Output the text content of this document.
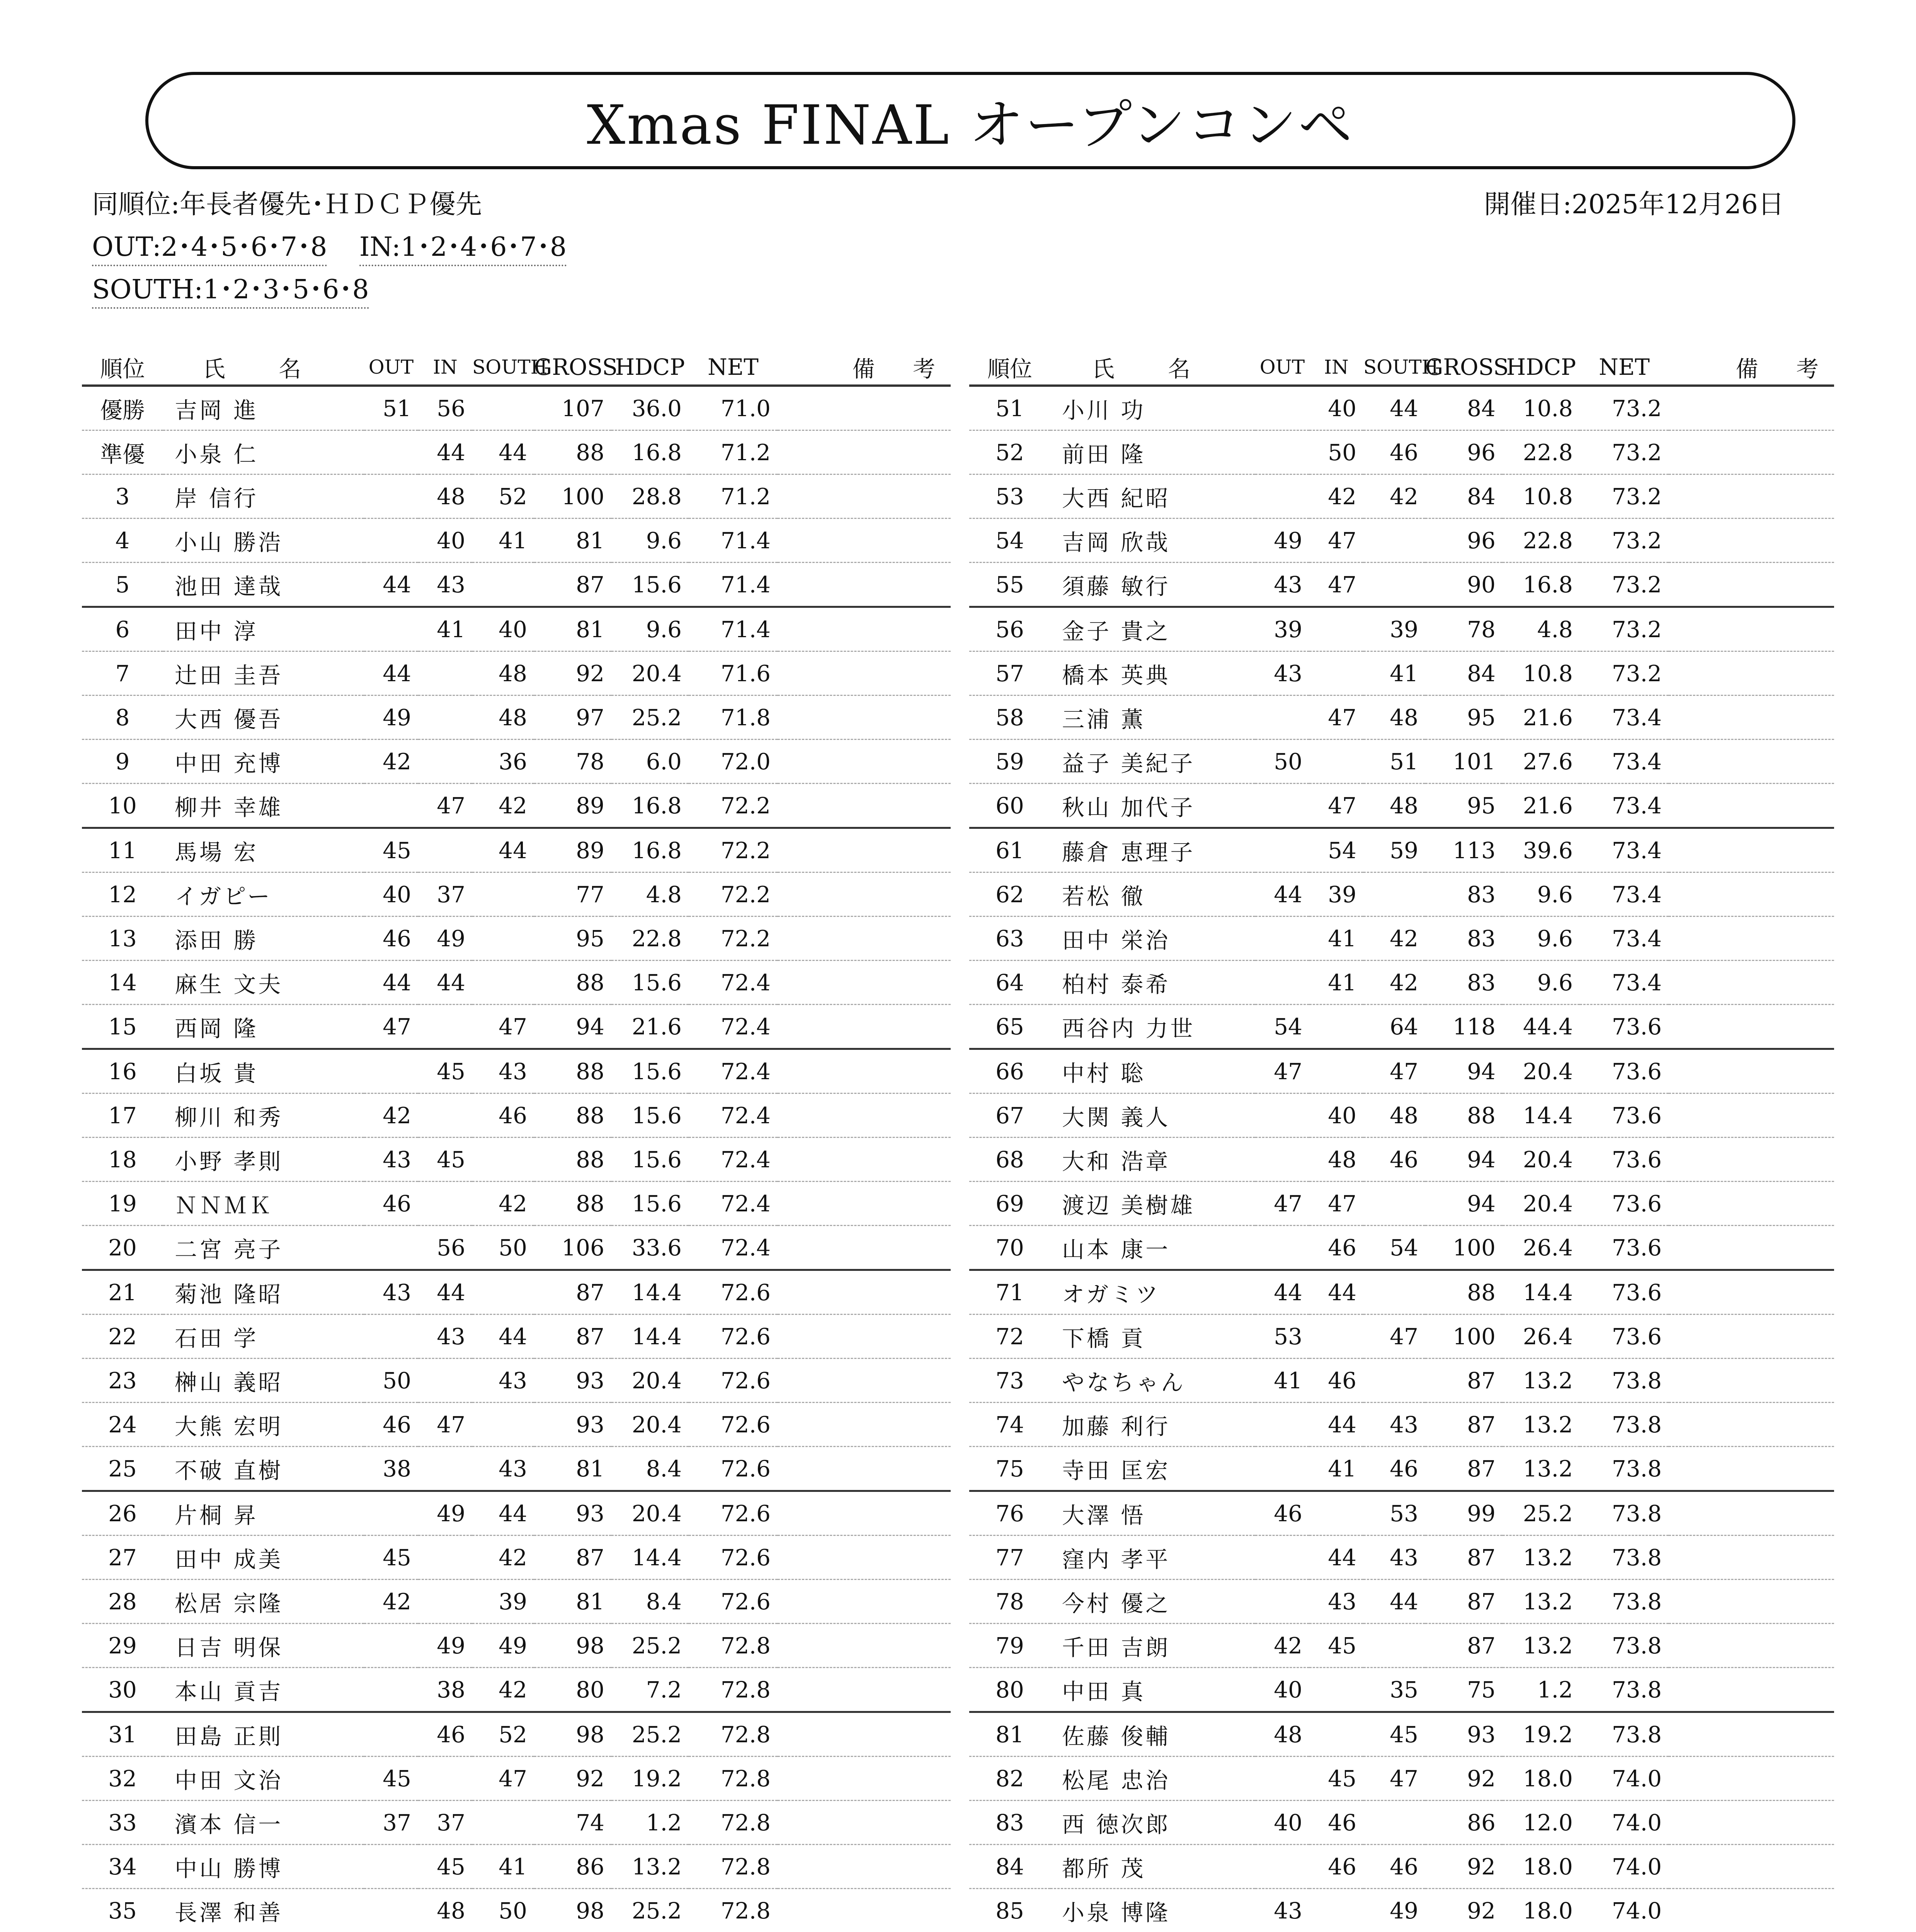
Xmas FINAL オープンコンペ
同順位:年長者優先･ＨＤＣＰ優先	開催日:2025年12月26日
OUT:2･4･5･6･7･8 IN:1･2･4･6･7･8
SOUTH:1･2･3･5･6･8
順位	氏 名	OUT	IN	SOUTH	GROSS	HDCP	NET	備 考
優勝	吉岡 進	51	56		107	36.0	71.0	
準優	小泉 仁		44	44	88	16.8	71.2	
3	岸 信行		48	52	100	28.8	71.2	
4	小山 勝浩		40	41	81	9.6	71.4	
5	池田 達哉	44	43		87	15.6	71.4	
6	田中 淳		41	40	81	9.6	71.4	
7	辻田 圭吾	44		48	92	20.4	71.6	
8	大西 優吾	49		48	97	25.2	71.8	
9	中田 充博	42		36	78	6.0	72.0	
10	柳井 幸雄		47	42	89	16.8	72.2	
11	馬場 宏	45		44	89	16.8	72.2	
12	イガピー	40	37		77	4.8	72.2	
13	添田 勝	46	49		95	22.8	72.2	
14	麻生 文夫	44	44		88	15.6	72.4	
15	西岡 隆	47		47	94	21.6	72.4	
16	白坂 貴		45	43	88	15.6	72.4	
17	柳川 和秀	42		46	88	15.6	72.4	
18	小野 孝則	43	45		88	15.6	72.4	
19	ＮＮＭＫ	46		42	88	15.6	72.4	
20	二宮 亮子		56	50	106	33.6	72.4	
21	菊池 隆昭	43	44		87	14.4	72.6	
22	石田 学		43	44	87	14.4	72.6	
23	榊山 義昭	50		43	93	20.4	72.6	
24	大熊 宏明	46	47		93	20.4	72.6	
25	不破 直樹	38		43	81	8.4	72.6	
26	片桐 昇		49	44	93	20.4	72.6	
27	田中 成美	45		42	87	14.4	72.6	
28	松居 宗隆	42		39	81	8.4	72.6	
29	日吉 明保		49	49	98	25.2	72.8	
30	本山 貢吉		38	42	80	7.2	72.8	
31	田島 正則		46	52	98	25.2	72.8	
32	中田 文治	45		47	92	19.2	72.8	
33	濱本 信一	37	37		74	1.2	72.8	
34	中山 勝博		45	41	86	13.2	72.8	
35	長澤 和善		48	50	98	25.2	72.8	

順位	氏 名	OUT	IN	SOUTH	GROSS	HDCP	NET	備 考
51	小川 功		40	44	84	10.8	73.2	
52	前田 隆		50	46	96	22.8	73.2	
53	大西 紀昭		42	42	84	10.8	73.2	
54	吉岡 欣哉	49	47		96	22.8	73.2	
55	須藤 敏行	43	47		90	16.8	73.2	
56	金子 貴之	39		39	78	4.8	73.2	
57	橋本 英典	43		41	84	10.8	73.2	
58	三浦 薫		47	48	95	21.6	73.4	
59	益子 美紀子	50		51	101	27.6	73.4	
60	秋山 加代子		47	48	95	21.6	73.4	
61	藤倉 恵理子		54	59	113	39.6	73.4	
62	若松 徹	44	39		83	9.6	73.4	
63	田中 栄治		41	42	83	9.6	73.4	
64	柏村 泰希		41	42	83	9.6	73.4	
65	西谷内 力世	54		64	118	44.4	73.6	
66	中村 聡	47		47	94	20.4	73.6	
67	大関 義人		40	48	88	14.4	73.6	
68	大和 浩章		48	46	94	20.4	73.6	
69	渡辺 美樹雄	47	47		94	20.4	73.6	
70	山本 康一		46	54	100	26.4	73.6	
71	オガミツ	44	44		88	14.4	73.6	
72	下橋 貢	53		47	100	26.4	73.6	
73	やなちゃん	41	46		87	13.2	73.8	
74	加藤 利行		44	43	87	13.2	73.8	
75	寺田 匡宏		41	46	87	13.2	73.8	
76	大澤 悟	46		53	99	25.2	73.8	
77	窪内 孝平		44	43	87	13.2	73.8	
78	今村 優之		43	44	87	13.2	73.8	
79	千田 吉朗	42	45		87	13.2	73.8	
80	中田 真	40		35	75	1.2	73.8	
81	佐藤 俊輔	48		45	93	19.2	73.8	
82	松尾 忠治		45	47	92	18.0	74.0	
83	西 徳次郎	40	46		86	12.0	74.0	
84	都所 茂		46	46	92	18.0	74.0	
85	小泉 博隆	43		49	92	18.0	74.0	
